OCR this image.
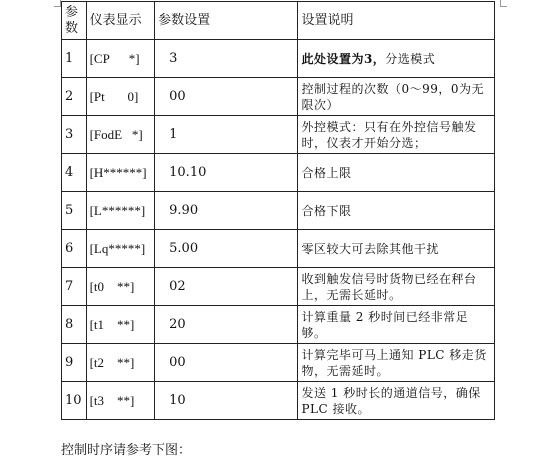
参数	仪表显示	参数设置	设置说明
1	[CP      *]	3	此处设置为3，分选模式
2	[Pt       0]	00	控制过程的次数（0～99，0为无限次）
3	[FodE   *]	1	外控模式：只有在外控信号触发时，仪表才开始分选；
4	[H******]	10.10	合格上限
5	[L******]	9.90	合格下限
6	[Lq*****]	5.00	零区较大可去除其他干扰
7	[t0    **]	02	收到触发信号时货物已经在秤台上，无需长延时。
8	[t1    **]	20	计算重量 2 秒时间已经非常足够。
9	[t2    **]	00	计算完毕可马上通知 PLC 移走货物，无需延时。
10	[t3    **]	10	发送 1 秒时长的通道信号，确保 PLC 接收。
控制时序请参考下图：
